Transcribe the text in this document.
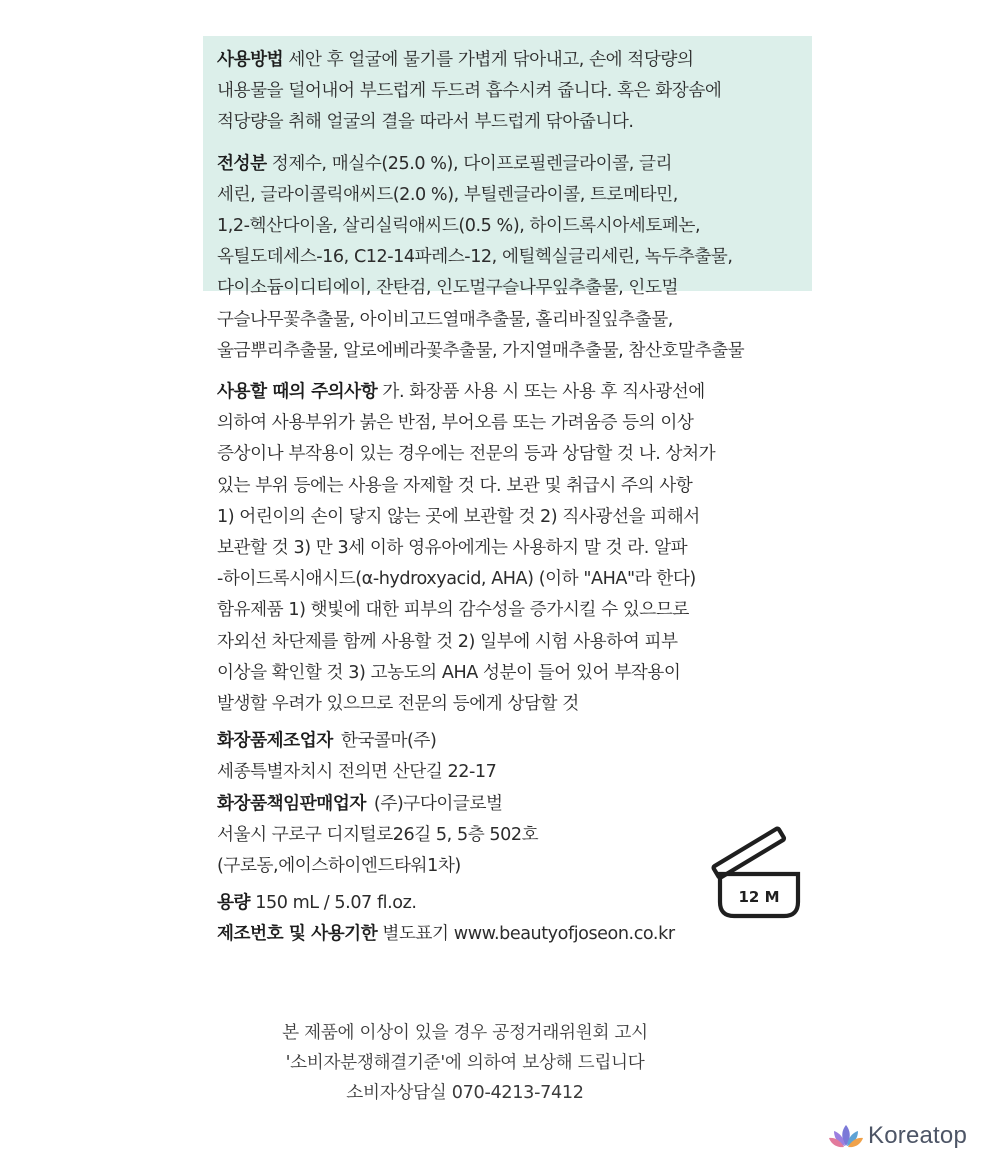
사용방법 세안 후 얼굴에 물기를 가볍게 닦아내고, 손에 적당량의
내용물을 덜어내어 부드럽게 두드려 흡수시켜 줍니다. 혹은 화장솜에
적당량을 취해 얼굴의 결을 따라서 부드럽게 닦아줍니다.
전성분 정제수, 매실수(25.0 %), 다이프로필렌글라이콜, 글리
세린, 글라이콜릭애씨드(2.0 %), 부틸렌글라이콜, 트로메타민,
1,2-헥산다이올, 살리실릭애씨드(0.5 %), 하이드록시아세토페논,
옥틸도데세스-16, C12-14파레스-12, 에틸헥실글리세린, 녹두추출물,
다이소듐이디티에이, 잔탄검, 인도멀구슬나무잎추출물, 인도멀
구슬나무꽃추출물, 아이비고드열매추출물, 홀리바질잎추출물,
울금뿌리추출물, 알로에베라꽃추출물, 가지열매추출물, 참산호말추출물
사용할 때의 주의사항 가. 화장품 사용 시 또는 사용 후 직사광선에
의하여 사용부위가 붉은 반점, 부어오름 또는 가려움증 등의 이상
증상이나 부작용이 있는 경우에는 전문의 등과 상담할 것 나. 상처가
있는 부위 등에는 사용을 자제할 것 다. 보관 및 취급시 주의 사항
1) 어린이의 손이 닿지 않는 곳에 보관할 것 2) 직사광선을 피해서
보관할 것 3) 만 3세 이하 영유아에게는 사용하지 말 것 라. 알파
-하이드록시애시드(α-hydroxyacid, AHA) (이하 "AHA"라 한다)
함유제품 1) 햇빛에 대한 피부의 감수성을 증가시킬 수 있으므로
자외선 차단제를 함께 사용할 것 2) 일부에 시험 사용하여 피부
이상을 확인할 것 3) 고농도의 AHA 성분이 들어 있어 부작용이
발생할 우려가 있으므로 전문의 등에게 상담할 것
화장품제조업자 한국콜마(주)
세종특별자치시 전의면 산단길 22-17
화장품책임판매업자 (주)구다이글로벌
서울시 구로구 디지털로26길 5, 5층 502호
(구로동,에이스하이엔드타워1차)
용량 150 mL / 5.07 fl.oz.
제조번호 및 사용기한 별도표기 www.beautyofjoseon.co.kr
12 M
본 제품에 이상이 있을 경우 공정거래위원회 고시
'소비자분쟁해결기준'에 의하여 보상해 드립니다
소비자상담실 070-4213-7412
Koreatop
